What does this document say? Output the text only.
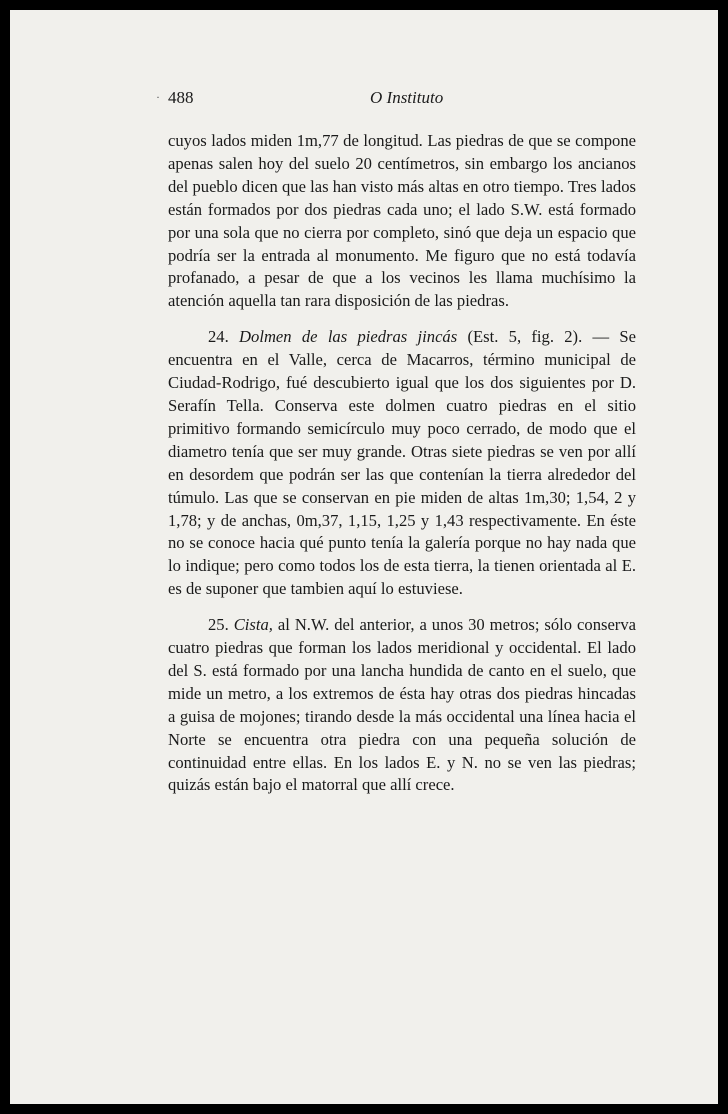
488
·	O Instituto

cuyos lados miden 1m,77 de longitud. Las piedras de que se compone apenas salen hoy del suelo 20 centímetros, sin embargo los ancianos del pueblo dicen que las han visto más altas en otro tiempo. Tres lados están formados por dos piedras cada uno; el lado S.W. está formado por una sola que no cierra por completo, sinó que deja un espacio que podría ser la entrada al monumento. Me figuro que no está todavía profanado, a pesar de que a los vecinos les llama muchísimo la atención aquella tan rara disposición de las piedras.

24. Dolmen de las piedras jincás (Est. 5, fig. 2). — Se encuentra en el Valle, cerca de Macarros, término municipal de Ciudad-Rodrigo, fué descubierto igual que los dos siguientes por D. Serafín Tella. Conserva este dolmen cuatro piedras en el sitio primitivo formando semicírculo muy poco cerrado, de modo que el diametro tenía que ser muy grande. Otras siete piedras se ven por allí en desordem que podrán ser las que contenían la tierra alrededor del túmulo. Las que se conservan en pie miden de altas 1m,30; 1,54, 2 y 1,78; y de anchas, 0m,37, 1,15, 1,25 y 1,43 respectivamente. En éste no se conoce hacia qué punto tenía la galería porque no hay nada que lo indique; pero como todos los de esta tierra, la tienen orientada al E. es de suponer que tambien aquí lo estuviese.

25. Cista, al N.W. del anterior, a unos 30 metros; sólo conserva cuatro piedras que forman los lados meridional y occidental. El lado del S. está formado por una lancha hundida de canto en el suelo, que mide un metro, a los extremos de ésta hay otras dos piedras hincadas a guisa de mojones; tirando desde la más occidental una línea hacia el Norte se encuentra otra piedra con una pequeña solución de continuidad entre ellas. En los lados E. y N. no se ven las piedras; quizás están bajo el matorral que allí crece.
